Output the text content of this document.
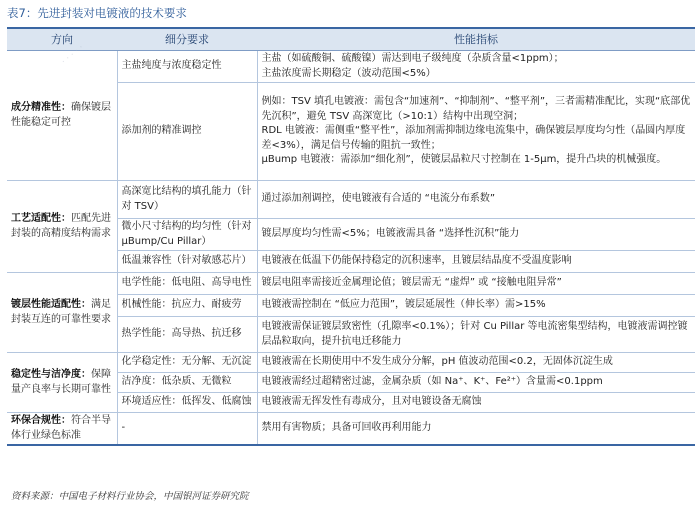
表7：先进封装对电镀液的技术要求
方向	细分要求	性能指标
成分精准性：确保镀层性能稳定可控	主盐纯度与浓度稳定性	主盐（如硫酸铜、硫酸镍）需达到电子级纯度（杂质含量<1ppm）；
主盐浓度需长期稳定（波动范围<5%）

	添加剂的精准调控	例如：TSV 填孔电镀液：需包含“加速剂”、“抑制剂”、“整平剂”，三者需精准配比，实现“底部优先沉积”，避免 TSV 高深宽比（>10:1）结构中出现空洞；
RDL 电镀液：需侧重“整平性”，添加剂需抑制边缘电流集中，确保镀层厚度均匀性（晶圆内厚度差<3%），满足信号传输的阻抗一致性；
μBump 电镀液：需添加“细化剂”，使镀层晶粒尺寸控制在 1-5μm，提升凸块的机械强度。

工艺适配性：匹配先进封装的高精度结构需求	高深宽比结构的填孔能力（针对 TSV）	通过添加剂调控，使电镀液有合适的 “电流分布系数”

	微小尺寸结构的均匀性（针对 μBump/Cu Pillar）	镀层厚度均匀性需<5%；电镀液需具备 “选择性沉积”能力

	低温兼容性（针对敏感芯片）	电镀液在低温下仍能保持稳定的沉积速率，且镀层结晶度不受温度影响

镀层性能适配性：满足封装互连的可靠性要求	电学性能：低电阻、高导电性	镀层电阻率需接近金属理论值；镀层需无 “虚焊” 或 “接触电阻异常”

	机械性能：抗应力、耐疲劳	电镀液需控制在 “低应力范围”，镀层延展性（伸长率）需>15%

	热学性能：高导热、抗迁移	电镀液需保证镀层致密性（孔隙率<0.1%）；针对 Cu Pillar 等电流密集型结构，电镀液需调控镀层晶粒取向，提升抗电迁移能力

稳定性与洁净度：保障量产良率与长期可靠性	化学稳定性：无分解、无沉淀	电镀液需在长期使用中不发生成分分解，pH 值波动范围<0.2，无固体沉淀生成

	洁净度：低杂质、无微粒	电镀液需经过超精密过滤，金属杂质（如 Na⁺、K⁺、Fe²⁺）含量需<0.1ppm

	环境适应性：低挥发、低腐蚀	电镀液需无挥发性有毒成分，且对电镀设备无腐蚀

环保合规性：符合半导体行业绿色标准	-	禁用有害物质；具备可回收再利用能力
资料来源：中国电子材料行业协会，中国银河证券研究院
· · · · ·
